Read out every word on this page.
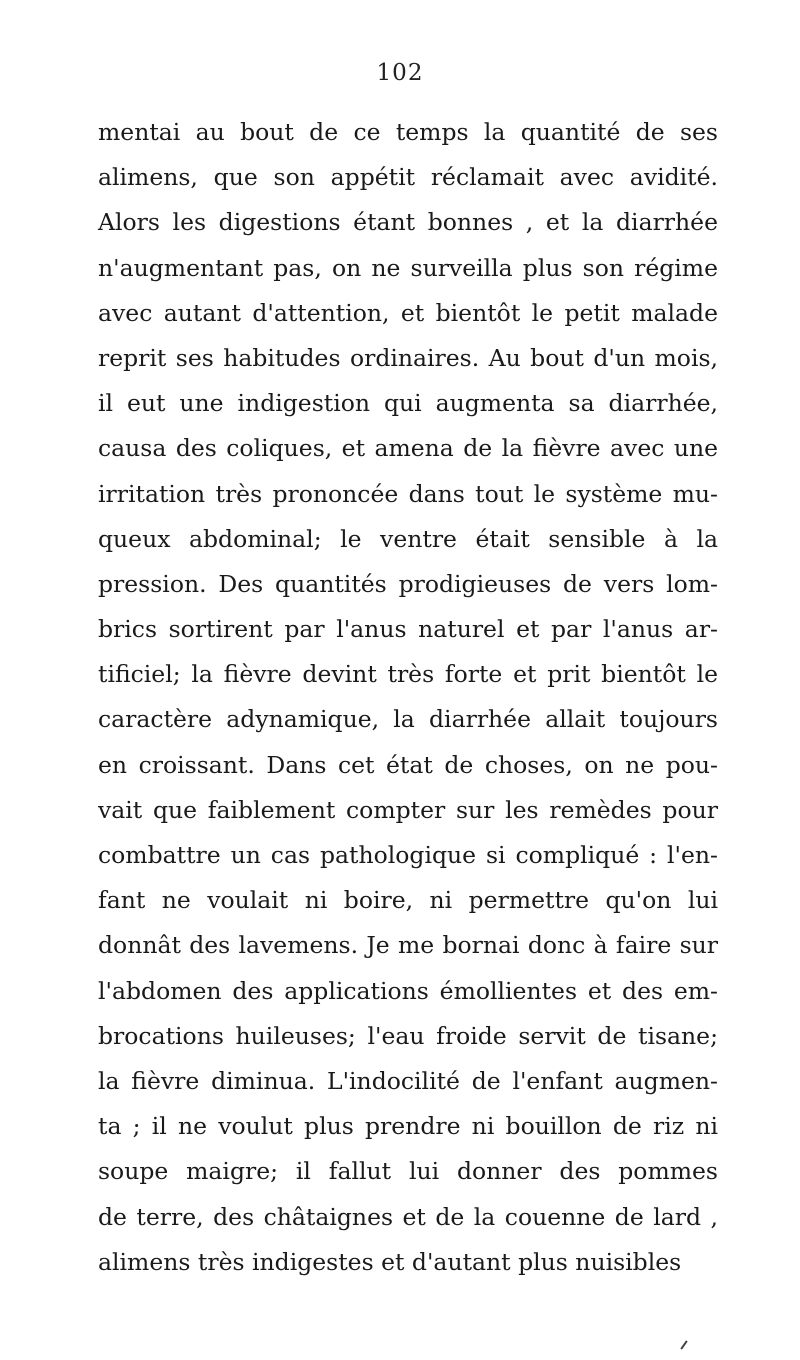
102
mentai au bout de ce temps la quantité de ses
alimens, que son appétit réclamait avec avidité.
Alors les digestions étant bonnes , et la diarrhée
n'augmentant pas, on ne surveilla plus son régime
avec autant d'attention, et bientôt le petit malade
reprit ses habitudes ordinaires. Au bout d'un mois,
il eut une indigestion qui augmenta sa diarrhée,
causa des coliques, et amena de la fièvre avec une
irritation très prononcée dans tout le système mu-
queux abdominal; le ventre était sensible à la
pression. Des quantités prodigieuses de vers lom-
brics sortirent par l'anus naturel et par l'anus ar-
tificiel; la fièvre devint très forte et prit bientôt le
caractère adynamique, la diarrhée allait toujours
en croissant. Dans cet état de choses, on ne pou-
vait que faiblement compter sur les remèdes pour
combattre un cas pathologique si compliqué : l'en-
fant ne voulait ni boire, ni permettre qu'on lui
donnât des lavemens. Je me bornai donc à faire sur
l'abdomen des applications émollientes et des em-
brocations huileuses; l'eau froide servit de tisane;
la fièvre diminua. L'indocilité de l'enfant augmen-
ta ; il ne voulut plus prendre ni bouillon de riz ni
soupe maigre; il fallut lui donner des pommes
de terre, des châtaignes et de la couenne de lard ,
alimens très indigestes et d'autant plus nuisibles
